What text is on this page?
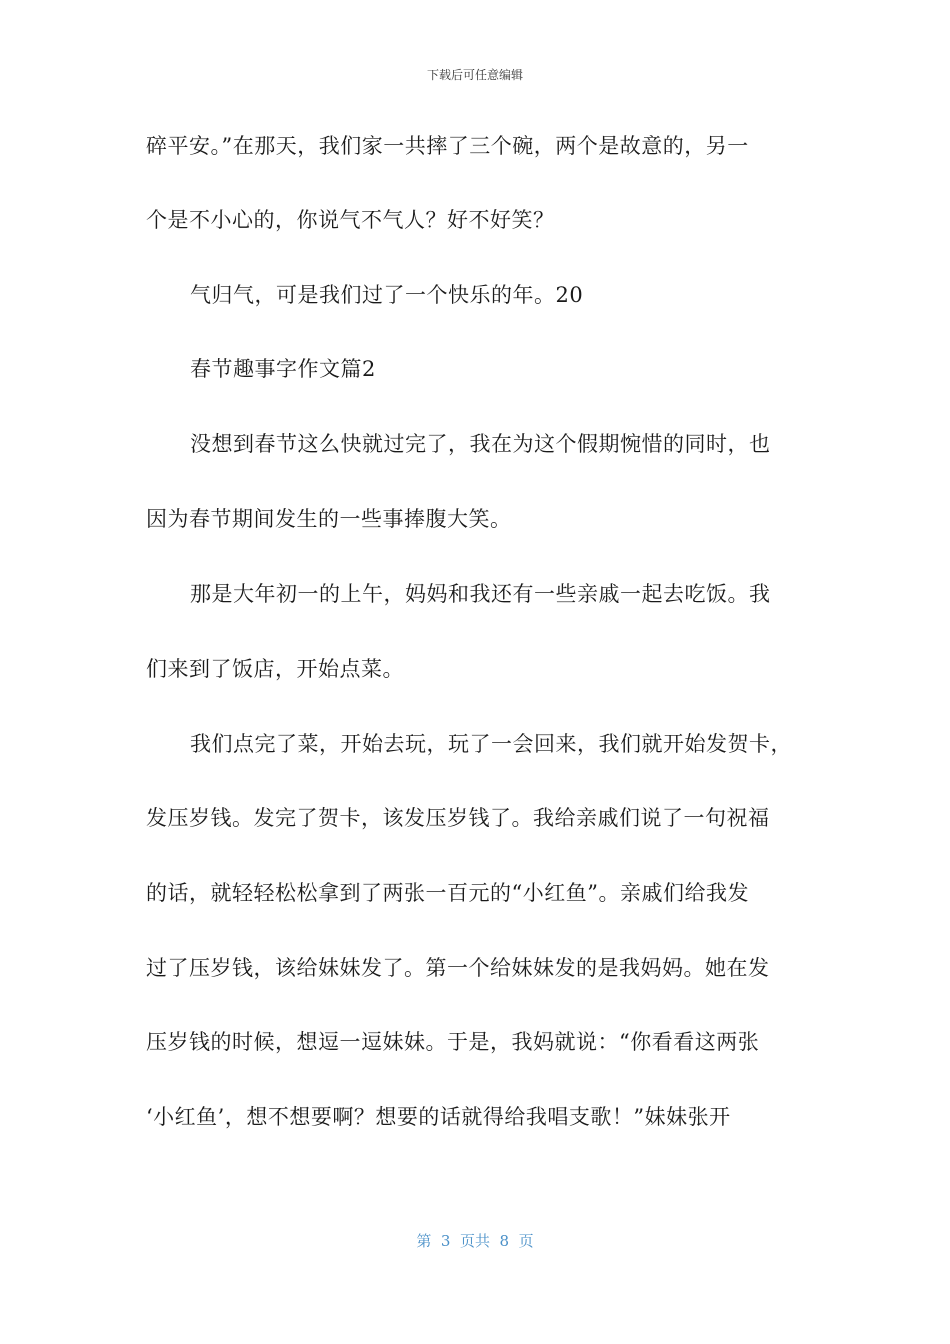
下载后可任意编辑
碎平安。”在那天，我们家一共摔了三个碗，两个是故意的，另一
个是不小心的，你说气不气人？好不好笑？
气归气，可是我们过了一个快乐的年。20
春节趣事字作文篇2
没想到春节这么快就过完了，我在为这个假期惋惜的同时，也
因为春节期间发生的一些事捧腹大笑。
那是大年初一的上午，妈妈和我还有一些亲戚一起去吃饭。我
们来到了饭店，开始点菜。
我们点完了菜，开始去玩，玩了一会回来，我们就开始发贺卡，
发压岁钱。发完了贺卡，该发压岁钱了。我给亲戚们说了一句祝福
的话，就轻轻松松拿到了两张一百元的“小红鱼”。亲戚们给我发
过了压岁钱，该给妹妹发了。第一个给妹妹发的是我妈妈。她在发
压岁钱的时候，想逗一逗妹妹。于是，我妈就说：“你看看这两张
‘小红鱼’，想不想要啊？想要的话就得给我唱支歌！”妹妹张开
第  3  页共  8  页
